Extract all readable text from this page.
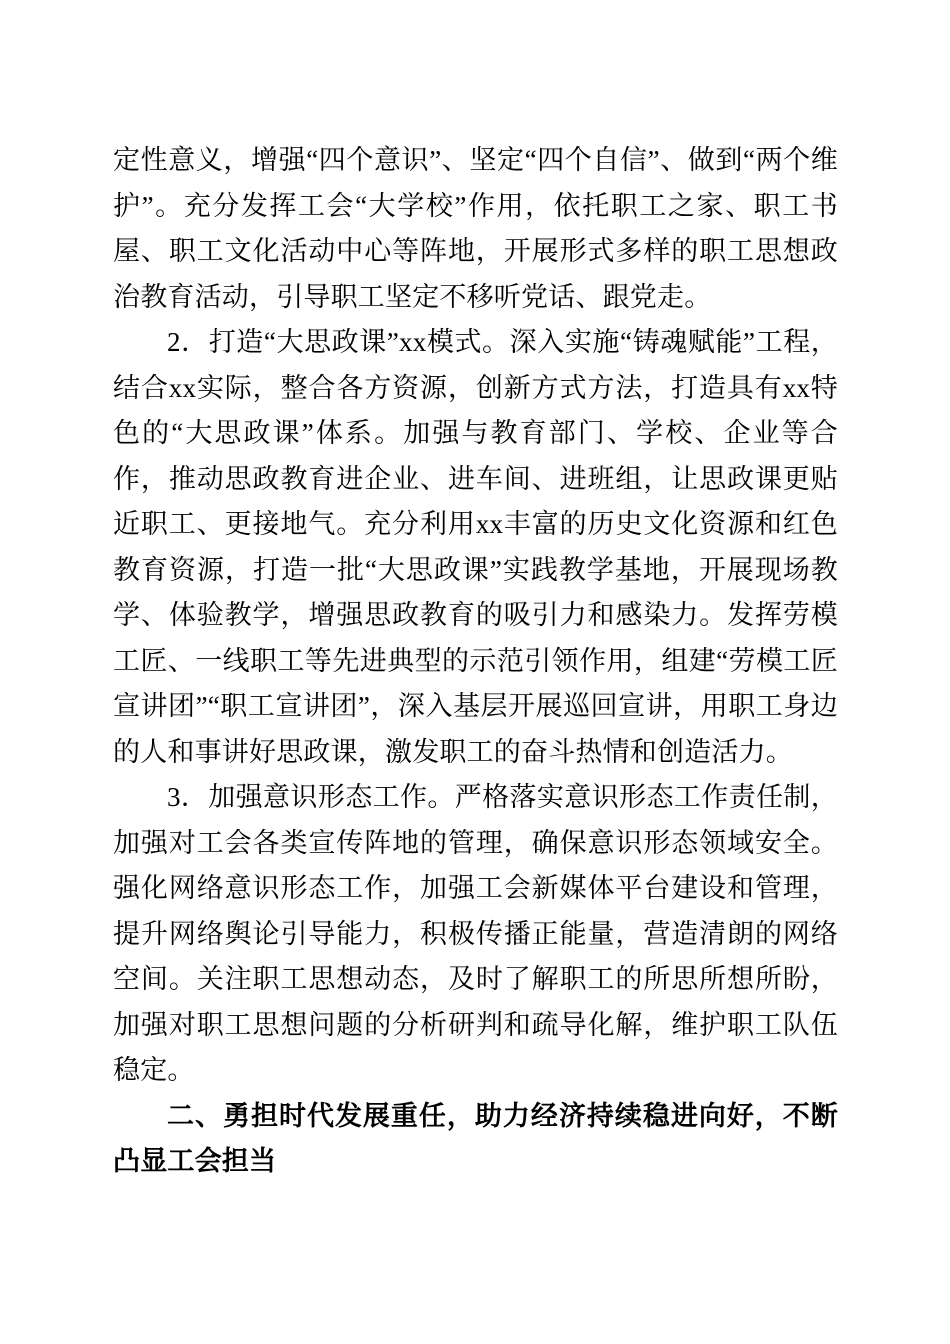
定性意义，增强“四个意识”、坚定“四个自信”、做到“两个维护”。充分发挥工会“大学校”作用，依托职工之家、职工书屋、职工文化活动中心等阵地，开展形式多样的职工思想政治教育活动，引导职工坚定不移听党话、跟党走。

2．打造“大思政课”xx模式。深入实施“铸魂赋能”工程，结合xx实际，整合各方资源，创新方式方法，打造具有xx特色的“大思政课”体系。加强与教育部门、学校、企业等合作，推动思政教育进企业、进车间、进班组，让思政课更贴近职工、更接地气。充分利用xx丰富的历史文化资源和红色教育资源，打造一批“大思政课”实践教学基地，开展现场教学、体验教学，增强思政教育的吸引力和感染力。发挥劳模工匠、一线职工等先进典型的示范引领作用，组建“劳模工匠宣讲团”“职工宣讲团”，深入基层开展巡回宣讲，用职工身边的人和事讲好思政课，激发职工的奋斗热情和创造活力。

3．加强意识形态工作。严格落实意识形态工作责任制，加强对工会各类宣传阵地的管理，确保意识形态领域安全。强化网络意识形态工作，加强工会新媒体平台建设和管理，提升网络舆论引导能力，积极传播正能量，营造清朗的网络空间。关注职工思想动态，及时了解职工的所思所想所盼，加强对职工思想问题的分析研判和疏导化解，维护职工队伍稳定。

二、勇担时代发展重任，助力经济持续稳进向好，不断凸显工会担当
